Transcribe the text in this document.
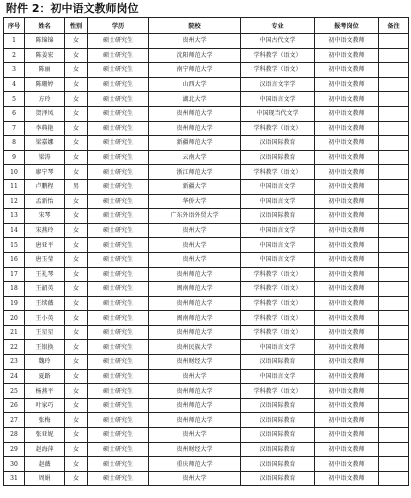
附件 2：初中语文教师岗位
序号	姓名	性别	学历	院校	专业	报考岗位	备注
1	陈锦锦	女	硕士研究生	贵州大学	中国古代文学	初中语文教师	
2	陈姜宏	女	硕士研究生	沈阳师范大学	学科教学（语文）	初中语文教师	
3	陈丽	女	硕士研究生	南宁师范大学	学科教学（语文）	初中语文教师	
4	陈珊婷	女	硕士研究生	山西大学	汉语言文字学	初中语文教师	
5	方玲	女	硕士研究生	湖北大学	中国语言文学	初中语文教师	
6	贺泽凤	女	硕士研究生	贵州师范大学	中国现当代文学	初中语文教师	
7	李典艳	女	硕士研究生	贵州师范大学	学科教学（语文）	初中语文教师	
8	梁嘉娜	女	硕士研究生	新疆师范大学	汉语国际教育	初中语文教师	
9	梁涛	女	硕士研究生	云南大学	汉语国际教育	初中语文教师	
10	廖宁琴	女	硕士研究生	浙江师范大学	学科教学（语文）	初中语文教师	
11	卢鹏程	男	硕士研究生	新疆大学	中国语言文学	初中语文教师	
12	孟新怡	女	硕士研究生	华侨大学	中国语言文学	初中语文教师	
13	宋琴	女	硕士研究生	广东外语外贸大学	汉语国际教育	初中语文教师	
14	宋燕玲	女	硕士研究生	贵州大学	中国语言文学	初中语文教师	
15	唐亚平	女	硕士研究生	贵州大学	中国语言文学	初中语文教师	
16	唐玉莹	女	硕士研究生	贵州大学	中国语言文学	初中语文教师	
17	王礼琴	女	硕士研究生	贵州师范大学	学科教学（语文）	初中语文教师	
18	王韶英	女	硕士研究生	闽南师范大学	学科教学（语文）	初中语文教师	
19	王续薇	女	硕士研究生	贵州师范大学	学科教学（语文）	初中语文教师	
20	王小英	女	硕士研究生	闽南师范大学	学科教学（语文）	初中语文教师	
21	王星星	女	硕士研究生	贵州师范大学	学科教学（语文）	初中语文教师	
22	王银换	女	硕士研究生	贵州民族大学	中国语言文学	初中语文教师	
23	魏玲	女	硕士研究生	贵州财经大学	汉语国际教育	初中语文教师	
24	夏路	女	硕士研究生	贵州大学	中国语言文学	初中语文教师	
25	杨燕平	女	硕士研究生	贵州师范大学	学科教学（语文）	初中语文教师	
26	叶家巧	女	硕士研究生	贵州师范大学	汉语国际教育	初中语文教师	
27	张梅	女	硕士研究生	贵州师范大学	汉语国际教育	初中语文教师	
28	张亚妮	女	硕士研究生	贵州大学	汉语国际教育	初中语文教师	
29	赵海萍	女	硕士研究生	贵州财经大学	汉语国际教育	初中语文教师	
30	赵薇	女	硕士研究生	重庆师范大学	汉语国际教育	初中语文教师	
31	周娟	女	硕士研究生	贵州大学	汉语国际教育	初中语文教师	
